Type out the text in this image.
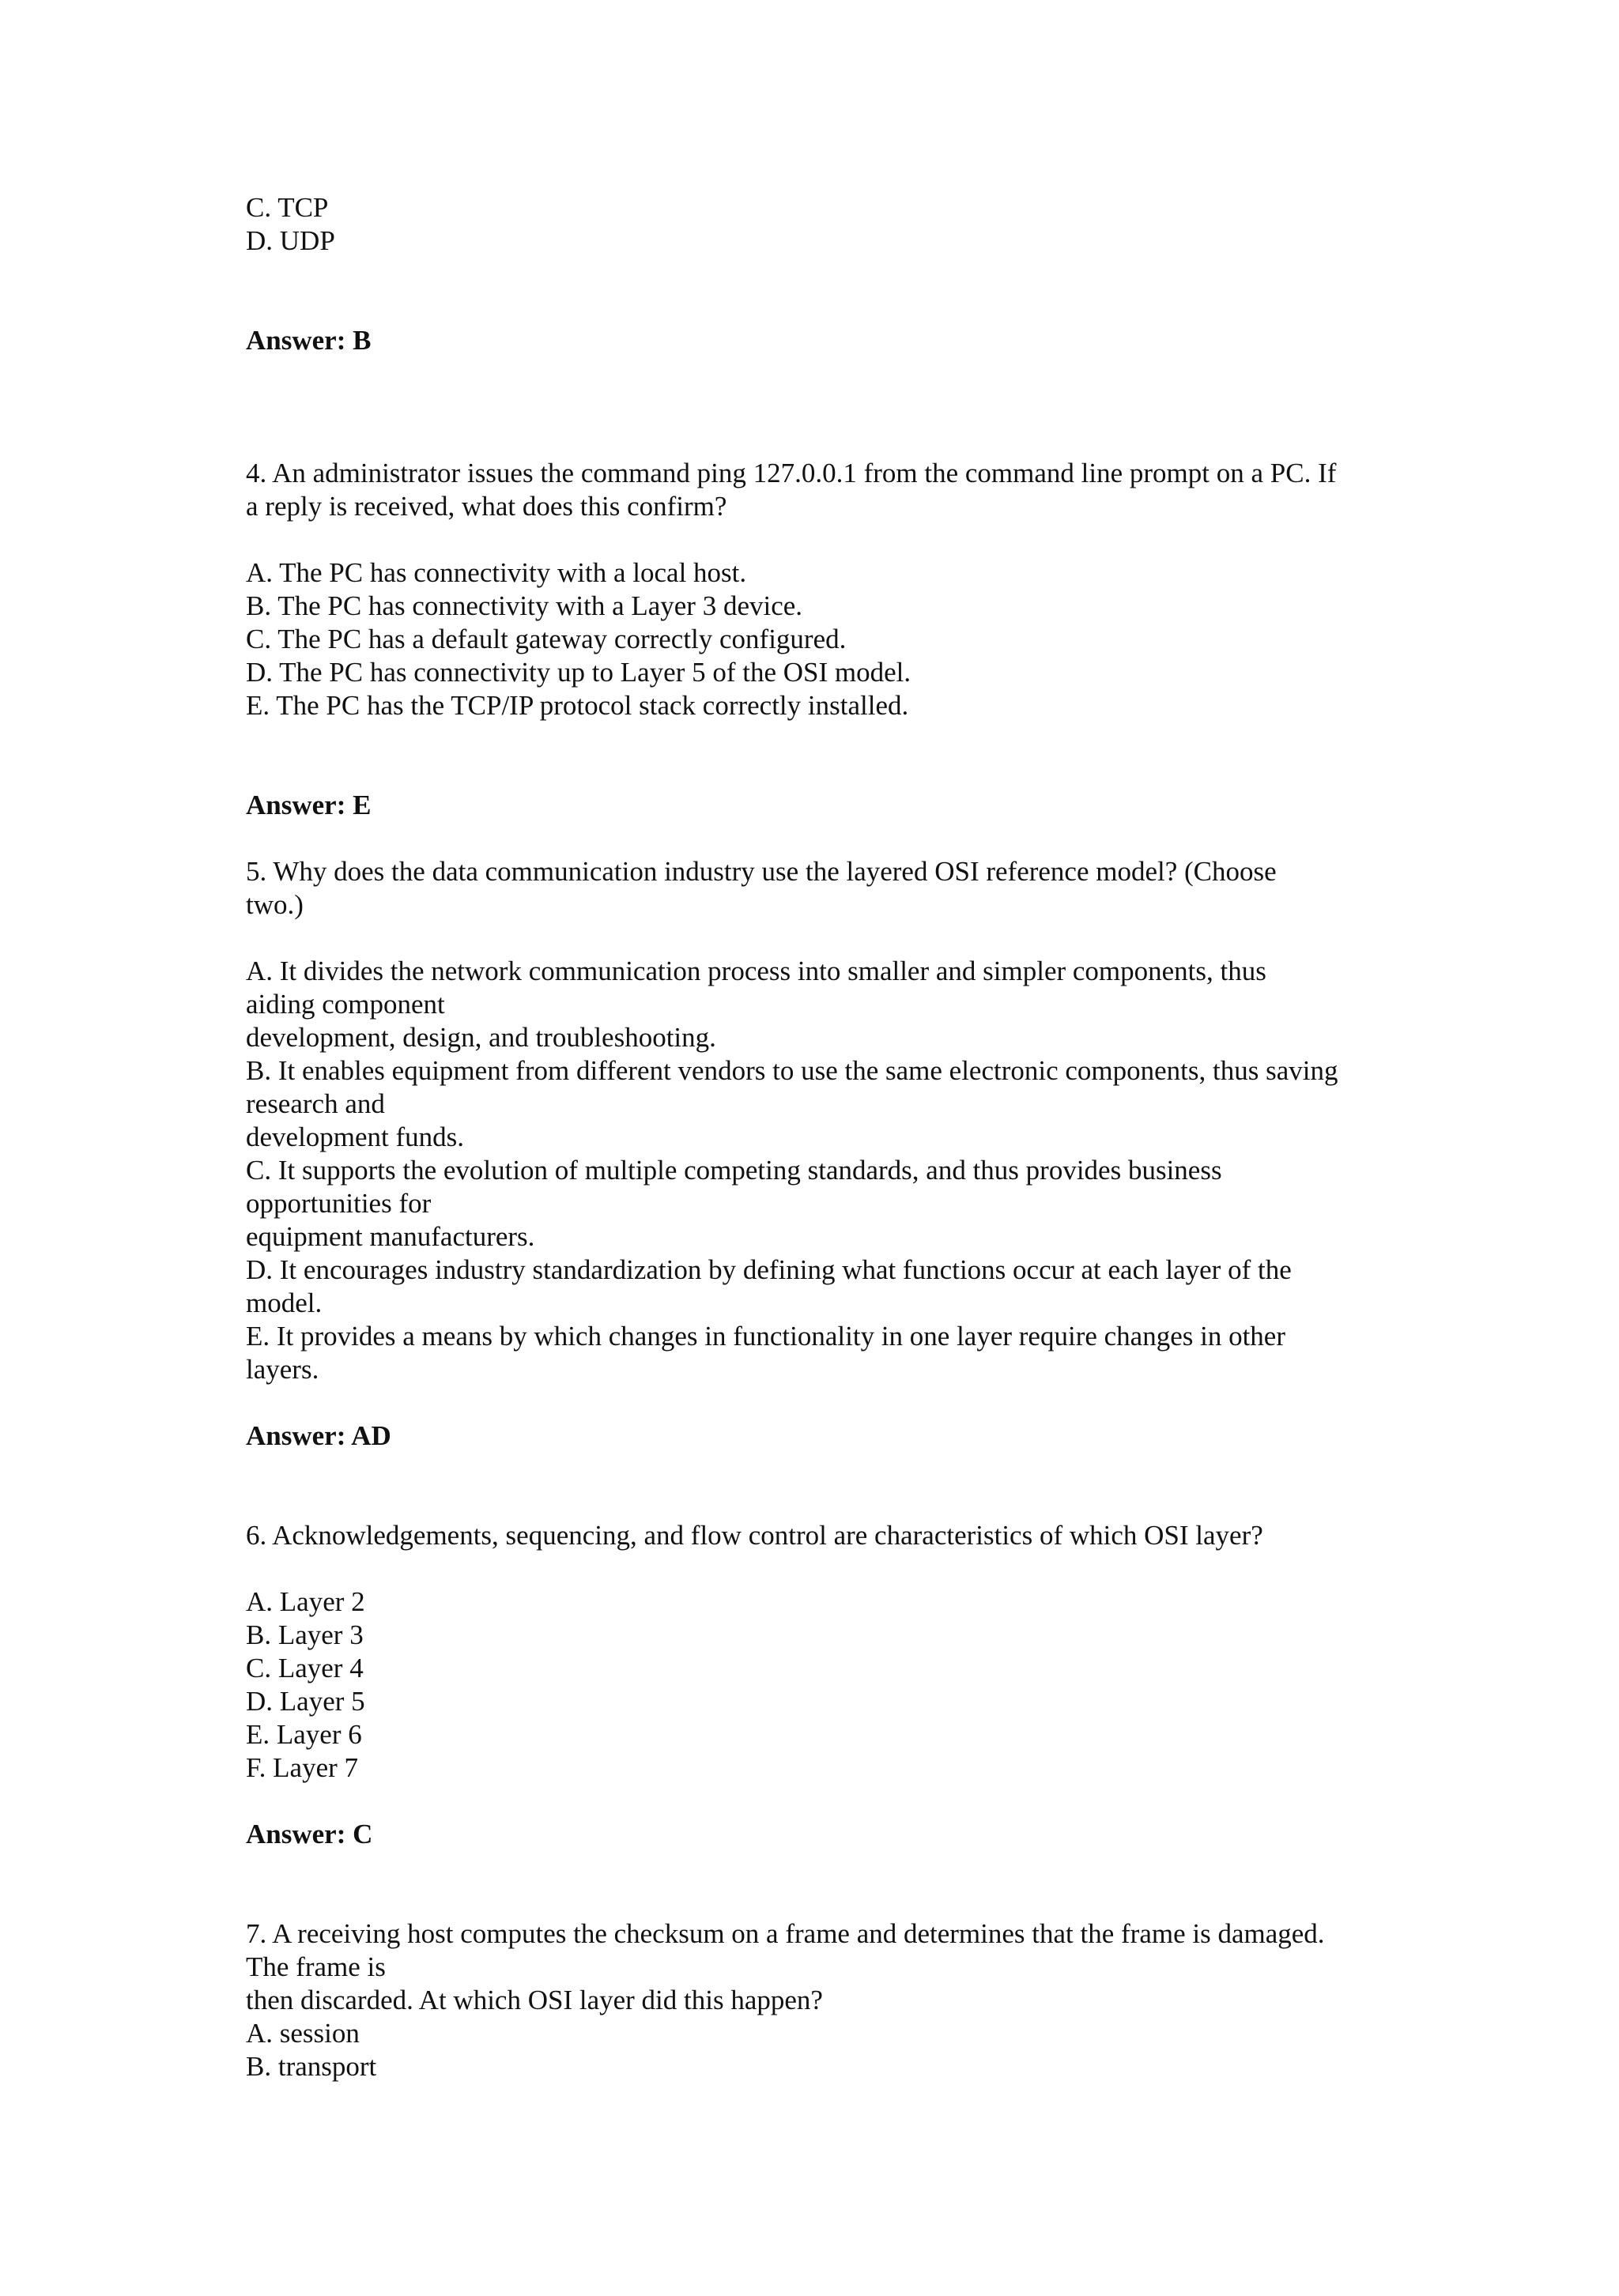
C. TCP
D. UDP
Answer: B
4. An administrator issues the command ping 127.0.0.1 from the command line prompt on a PC. If
a reply is received, what does this confirm?
A. The PC has connectivity with a local host.
B. The PC has connectivity with a Layer 3 device.
C. The PC has a default gateway correctly configured.
D. The PC has connectivity up to Layer 5 of the OSI model.
E. The PC has the TCP/IP protocol stack correctly installed.
Answer: E
5. Why does the data communication industry use the layered OSI reference model? (Choose
two.)
A. It divides the network communication process into smaller and simpler components, thus
aiding component
development, design, and troubleshooting.
B. It enables equipment from different vendors to use the same electronic components, thus saving
research and
development funds.
C. It supports the evolution of multiple competing standards, and thus provides business
opportunities for
equipment manufacturers.
D. It encourages industry standardization by defining what functions occur at each layer of the
model.
E. It provides a means by which changes in functionality in one layer require changes in other
layers.
Answer: AD
6. Acknowledgements, sequencing, and flow control are characteristics of which OSI layer?
A. Layer 2
B. Layer 3
C. Layer 4
D. Layer 5
E. Layer 6
F. Layer 7
Answer: C
7. A receiving host computes the checksum on a frame and determines that the frame is damaged.
The frame is
then discarded. At which OSI layer did this happen?
A. session
B. transport
